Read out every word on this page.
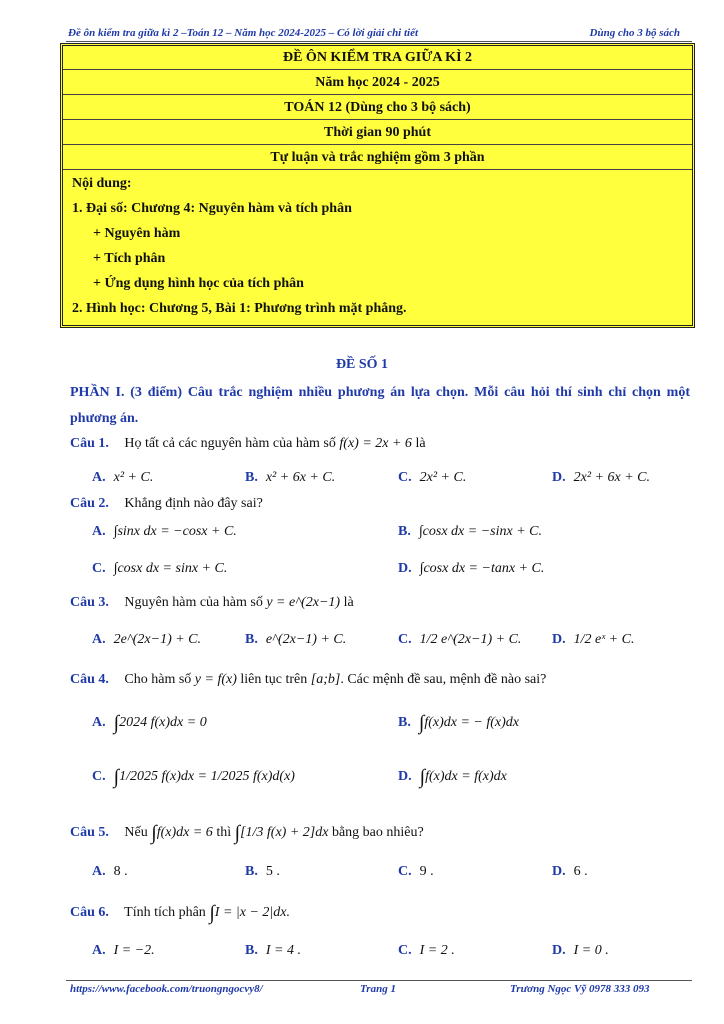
Đề ôn kiểm tra giữa kì 2 –Toán 12 – Năm học 2024-2025 – Có lời giải chi tiết	Dùng cho 3 bộ sách
ĐỀ ÔN KIỂM TRA GIỮA KÌ 2
Năm học 2024 - 2025
TOÁN 12 (Dùng cho 3 bộ sách)
Thời gian 90 phút
Tự luận và trắc nghiệm gồm 3 phần
Nội dung:
1. Đại số: Chương 4: Nguyên hàm và tích phân
+ Nguyên hàm
+ Tích phân
+ Ứng dụng hình học của tích phân
2. Hình học: Chương 5, Bài 1: Phương trình mặt phẳng.
ĐỀ SỐ 1
PHẦN I. (3 điểm) Câu trắc nghiệm nhiều phương án lựa chọn. Mỗi câu hỏi thí sinh chỉ chọn một phương án.
Câu 1. Họ tất cả các nguyên hàm của hàm số f(x) = 2x + 6 là
A. x² + C.	B. x² + 6x + C.	C. 2x² + C.	D. 2x² + 6x + C.
Câu 2. Khẳng định nào đây sai?
A. ∫sinx dx = −cosx + C.	B. ∫cosx dx = −sinx + C.
C. ∫cosx dx = sinx + C.	D. ∫cosx dx = −tanx + C.
Câu 3. Nguyên hàm của hàm số y = e^(2x−1) là
A. 2e^(2x−1) + C.	B. e^(2x−1) + C.	C. 1/2 e^(2x−1) + C. D. 1/2 eˣ + C.
Câu 4. Cho hàm số y = f(x) liên tục trên [a;b]. Các mệnh đề sau, mệnh đề nào sai?
A. ∫2024 f(x)dx = 0	B. ∫f(x)dx = − f(x)dx
C. ∫1/2025 f(x)dx = 1/2025 f(x)d(x)	D. ∫f(x)dx = f(x)dx
Câu 5. Nếu ∫f(x)dx = 6 thì ∫[1/3 f(x) + 2]dx bằng bao nhiêu?
A. 8 .	B. 5 .	C. 9 .	D. 6 .
Câu 6. Tính tích phân ∫I = |x − 2|dx.
A. I = −2.	B. I = 4 .	C. I = 2 .	D. I = 0 .
https://www.facebook.com/truongngocvy8/	Trang 1	Trương Ngọc Vỹ 0978 333 093
